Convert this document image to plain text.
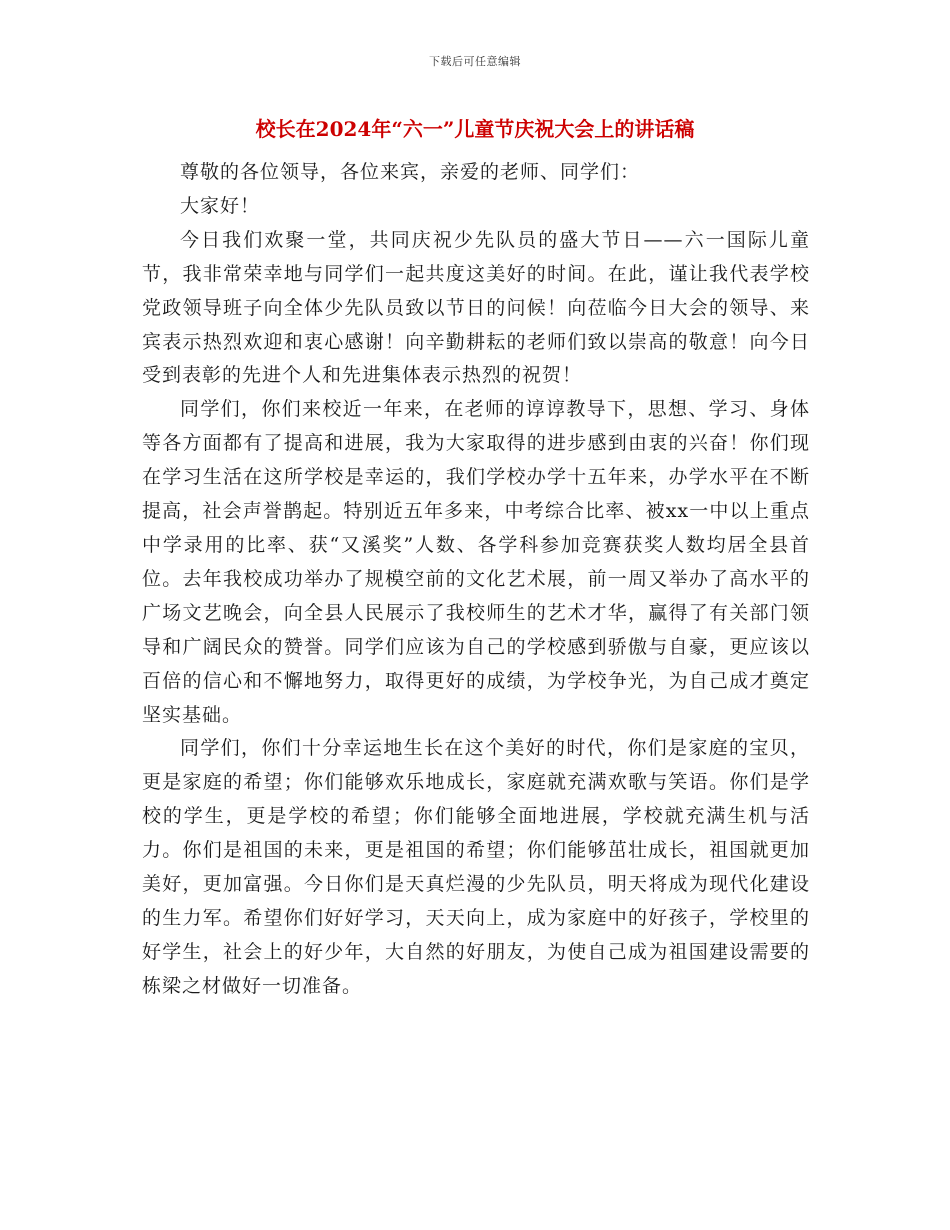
下载后可任意编辑
校长在2024年“六一”儿童节庆祝大会上的讲话稿

尊敬的各位领导，各位来宾，亲爱的老师、同学们：

大家好！

今日我们欢聚一堂，共同庆祝少先队员的盛大节日——六一国际儿童节，我非常荣幸地与同学们一起共度这美好的时间。在此，谨让我代表学校党政领导班子向全体少先队员致以节日的问候！向莅临今日大会的领导、来宾表示热烈欢迎和衷心感谢！向辛勤耕耘的老师们致以崇高的敬意！向今日受到表彰的先进个人和先进集体表示热烈的祝贺！

同学们，你们来校近一年来，在老师的谆谆教导下，思想、学习、身体等各方面都有了提高和进展，我为大家取得的进步感到由衷的兴奋！你们现在学习生活在这所学校是幸运的，我们学校办学十五年来，办学水平在不断提高，社会声誉鹊起。特别近五年多来，中考综合比率、被xx一中以上重点中学录用的比率、获“又溪奖”人数、各学科参加竞赛获奖人数均居全县首位。去年我校成功举办了规模空前的文化艺术展，前一周又举办了高水平的广场文艺晚会，向全县人民展示了我校师生的艺术才华，赢得了有关部门领导和广阔民众的赞誉。同学们应该为自己的学校感到骄傲与自豪，更应该以百倍的信心和不懈地努力，取得更好的成绩，为学校争光，为自己成才奠定坚实基础。

同学们，你们十分幸运地生长在这个美好的时代，你们是家庭的宝贝，更是家庭的希望；你们能够欢乐地成长，家庭就充满欢歌与笑语。你们是学校的学生，更是学校的希望；你们能够全面地进展，学校就充满生机与活力。你们是祖国的未来，更是祖国的希望；你们能够茁壮成长，祖国就更加美好，更加富强。今日你们是天真烂漫的少先队员，明天将成为现代化建设的生力军。希望你们好好学习，天天向上，成为家庭中的好孩子，学校里的好学生，社会上的好少年，大自然的好朋友，为使自己成为祖国建设需要的栋梁之材做好一切准备。
